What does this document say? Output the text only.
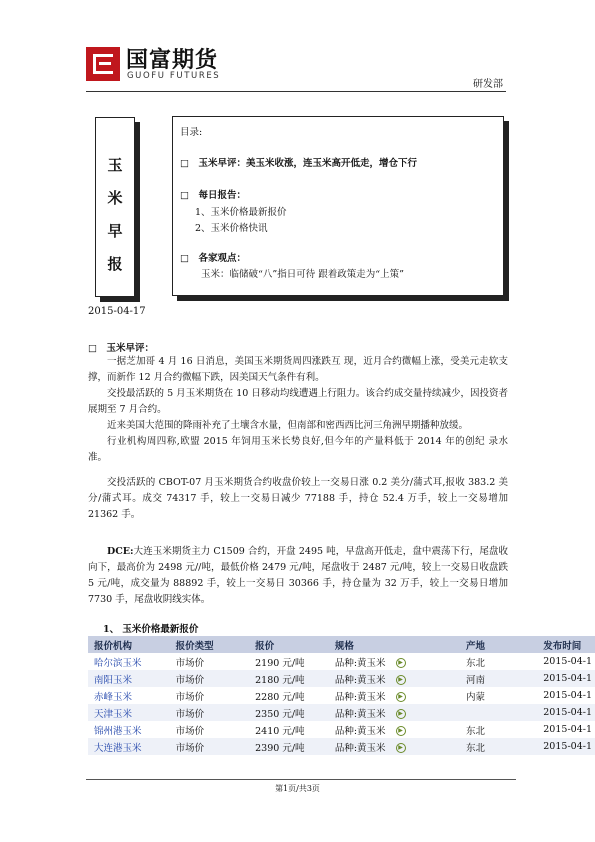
国富期货
GUOFU FUTURES
研发部
玉
米
早
报
2015-04-17
目录:
□　玉米早评：美玉米收涨，连玉米高开低走，增仓下行
□　每日报告：
1、玉米价格最新报价
2、玉米价格快讯
□　各家观点：
玉米：临储破“八”指日可待 跟着政策走为“上策”
□　玉米早评：
一据芝加哥 4 月 16 日消息，美国玉米期货周四涨跌互 现，近月合约微幅上涨，受美元走软支撑，而新作 12 月合约微幅下跌，因美国天气条件有利。
交投最活跃的 5 月玉米期货在 10 日移动均线遭遇上行阻力。该合约成交量持续减少，因投资者展期至 7 月合约。
近来美国大范围的降雨补充了土壤含水量，但南部和密西西比河三角洲早期播种放缓。
行业机构周四称,欧盟 2015 年饲用玉米长势良好,但今年的产量料低于 2014 年的创纪 录水准。
交投活跃的 CBOT-07 月玉米期货合约收盘价较上一交易日涨 0.2 美分/蒲式耳,报收 383.2 美分/蒲式耳。成交 74317 手，较上一交易日减少 77188 手，持仓 52.4 万手，较上一交易增加 21362 手。
DCE:大连玉米期货主力 C1509 合约，开盘 2495 吨，早盘高开低走，盘中震荡下行，尾盘收向下，最高价为 2498 元//吨，最低价格 2479 元/吨，尾盘收于 2487 元/吨，较上一交易日收盘跌 5 元/吨，成交量为 88892 手，较上一交易日 30366 手，持仓量为 32 万手，较上一交易日增加 7730 手，尾盘收阴线实体。
1、 玉米价格最新报价
报价机构	报价类型	报价	规格	产地	发布时间
哈尔滨玉米	市场价	2190 元/吨	品种:黄玉米 ▶	东北	2015-04-1
南阳玉米	市场价	2180 元/吨	品种:黄玉米 ▶	河南	2015-04-1
赤峰玉米	市场价	2280 元/吨	品种:黄玉米 ▶	内蒙	2015-04-1
天津玉米	市场价	2350 元/吨	品种:黄玉米 ▶		2015-04-1
锦州港玉米	市场价	2410 元/吨	品种:黄玉米 ▶	东北	2015-04-1
大连港玉米	市场价	2390 元/吨	品种:黄玉米 ▶	东北	2015-04-1
第1页/共3页
